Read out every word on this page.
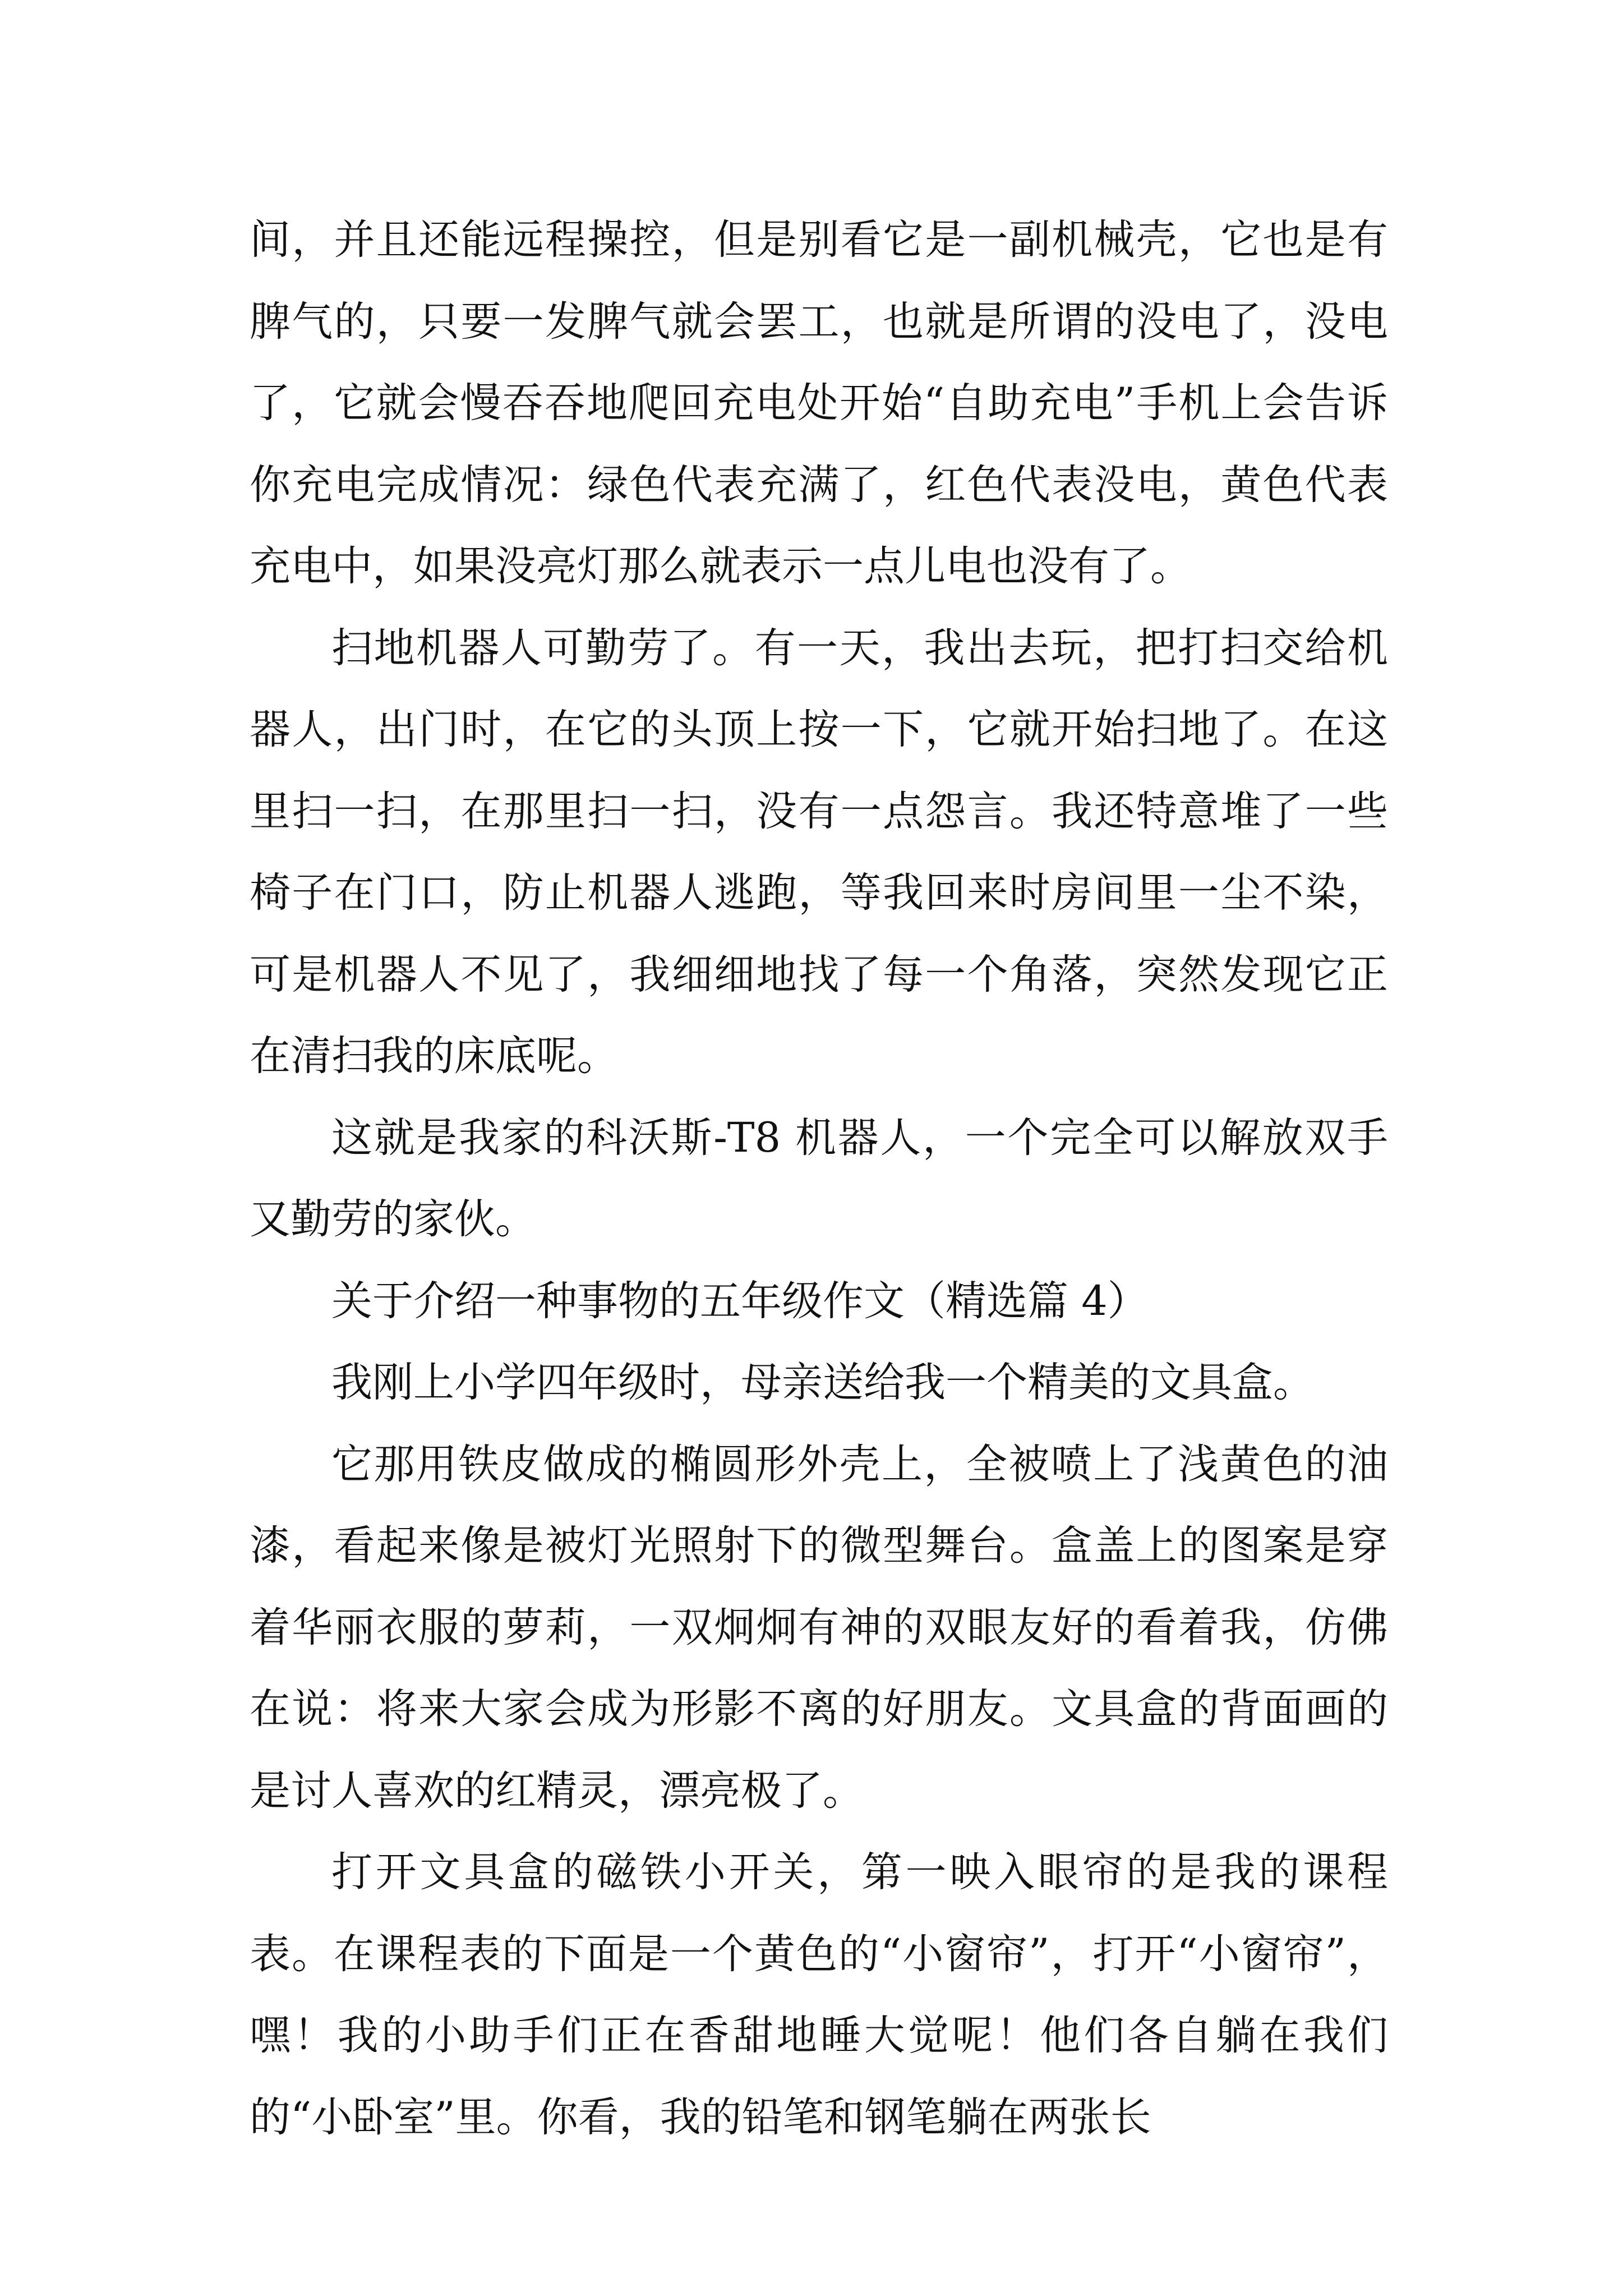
间，并且还能远程操控，但是别看它是一副机械壳，它也是有脾气的，只要一发脾气就会罢工，也就是所谓的没电了，没电了，它就会慢吞吞地爬回充电处开始“自助充电”手机上会告诉你充电完成情况：绿色代表充满了，红色代表没电，黄色代表充电中，如果没亮灯那么就表示一点儿电也没有了。

扫地机器人可勤劳了。有一天，我出去玩，把打扫交给机器人，出门时，在它的头顶上按一下，它就开始扫地了。在这里扫一扫，在那里扫一扫，没有一点怨言。我还特意堆了一些椅子在门口，防止机器人逃跑，等我回来时房间里一尘不染，可是机器人不见了，我细细地找了每一个角落，突然发现它正在清扫我的床底呢。

这就是我家的科沃斯-T8 机器人，一个完全可以解放双手又勤劳的家伙。

关于介绍一种事物的五年级作文（精选篇 4）

我刚上小学四年级时，母亲送给我一个精美的文具盒。

它那用铁皮做成的椭圆形外壳上，全被喷上了浅黄色的油漆，看起来像是被灯光照射下的微型舞台。盒盖上的图案是穿着华丽衣服的萝莉，一双炯炯有神的双眼友好的看着我，仿佛在说：将来大家会成为形影不离的好朋友。文具盒的背面画的是讨人喜欢的红精灵，漂亮极了。

打开文具盒的磁铁小开关，第一映入眼帘的是我的课程表。在课程表的下面是一个黄色的“小窗帘”，打开“小窗帘”，嘿！我的小助手们正在香甜地睡大觉呢！他们各自躺在我们的“小卧室”里。你看，我的铅笔和钢笔躺在两张长
